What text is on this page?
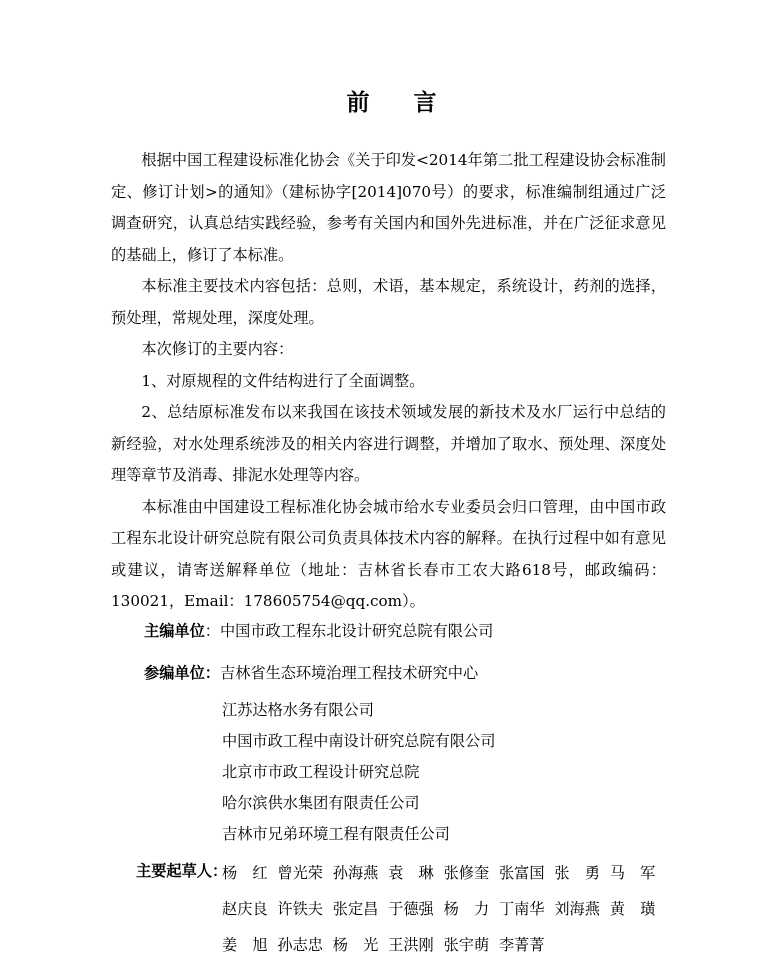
前 言

根据中国工程建设标准化协会《关于印发<2014年第二批工程建设协会标准制定、修订计划>的通知》（建标协字[2014]070号）的要求，标准编制组通过广泛调查研究，认真总结实践经验，参考有关国内和国外先进标准，并在广泛征求意见的基础上，修订了本标准。

本标准主要技术内容包括：总则，术语，基本规定，系统设计，药剂的选择，预处理，常规处理，深度处理。

本次修订的主要内容：

1、对原规程的文件结构进行了全面调整。

2、总结原标准发布以来我国在该技术领域发展的新技术及水厂运行中总结的新经验，对水处理系统涉及的相关内容进行调整，并增加了取水、预处理、深度处理等章节及消毒、排泥水处理等内容。

本标准由中国建设工程标准化协会城市给水专业委员会归口管理，由中国市政工程东北设计研究总院有限公司负责具体技术内容的解释。在执行过程中如有意见或建议，请寄送解释单位（地址：吉林省长春市工农大路618号，邮政编码：130021，Email：178605754@qq.com）。

主编单位：中国市政工程东北设计研究总院有限公司
参编单位：吉林省生态环境治理工程技术研究中心
江苏达格水务有限公司
中国市政工程中南设计研究总院有限公司
北京市市政工程设计研究总院
哈尔滨供水集团有限责任公司
吉林市兄弟环境工程有限责任公司
主要起草人：
杨　红 曾光荣 孙海燕 袁　琳 张修奎 张富国 张　勇 马　军 赵庆良 许铁夫 张定昌 于德强 杨　力 丁南华 刘海燕 黄　璜 姜　旭 孙志忠 杨　光 王洪刚 张宇萌 李菁菁
